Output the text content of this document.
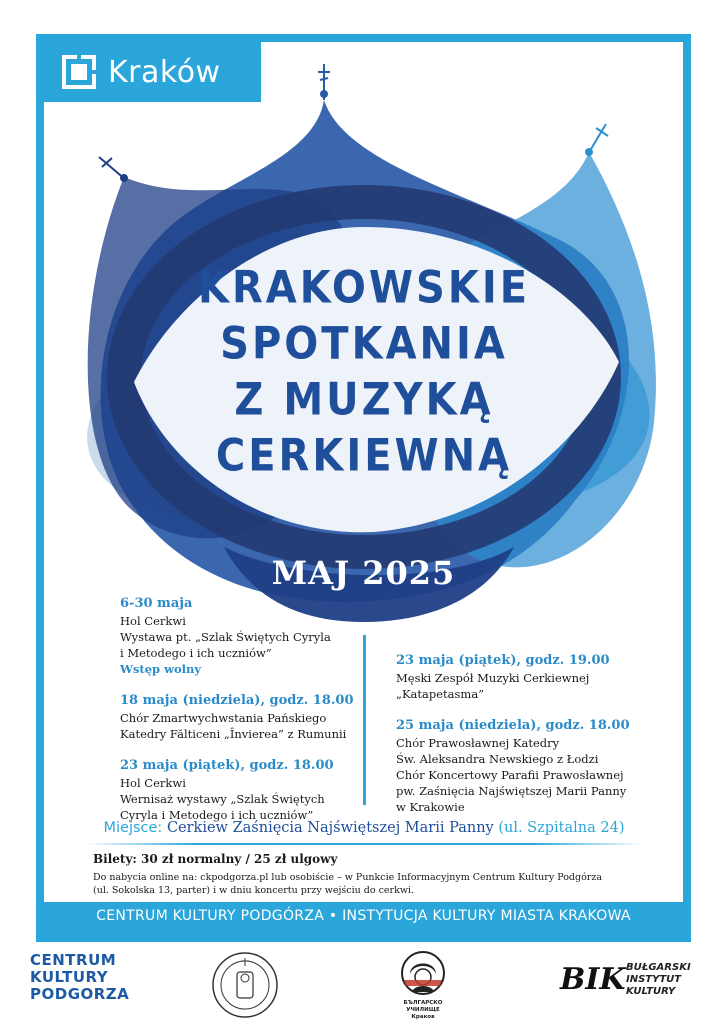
Kraków
KRAKOWSKIE
SPOTKANIA
Z MUZYKĄ
CERKIEWNĄ
MAJ 2025
6-30 maja
Hol Cerkwi
Wystawa pt. „Szlak Świętych Cyryla
i Metodego i ich uczniów”
Wstęp wolny
18 maja (niedziela), godz. 18.00
Chór Zmartwychwstania Pańskiego
Katedry Fălticeni „Învierea” z Rumunii
23 maja (piątek), godz. 18.00
Hol Cerkwi
Wernisaż wystawy „Szlak Świętych
Cyryla i Metodego i ich uczniów”
23 maja (piątek), godz. 19.00
Męski Zespół Muzyki Cerkiewnej
„Katapetasma”
25 maja (niedziela), godz. 18.00
Chór Prawosławnej Katedry
Św. Aleksandra Newskiego z Łodzi
Chór Koncertowy Parafii Prawosławnej
pw. Zaśnięcia Najświętszej Marii Panny
w Krakowie
Miejsce: Cerkiew Zaśnięcia Najświętszej Marii Panny (ul. Szpitalna 24)
Bilety: 30 zł normalny / 25 zł ulgowy
Do nabycia online na: ckpodgorza.pl lub osobiście – w Punkcie Informacyjnym Centrum Kultury Podgórza
(ul. Sokolska 13, parter) i w dniu koncertu przy wejściu do cerkwi.
CENTRUM KULTURY PODGÓRZA • INSTYTUCJA KULTURY MIASTA KRAKOWA
CENTRUM
KULTURY
PODGORZA	БЪЛГАРСКО УЧИЛИЩЕ
Краков
BIK BUŁGARSKI
INSTYTUT
KULTURY
